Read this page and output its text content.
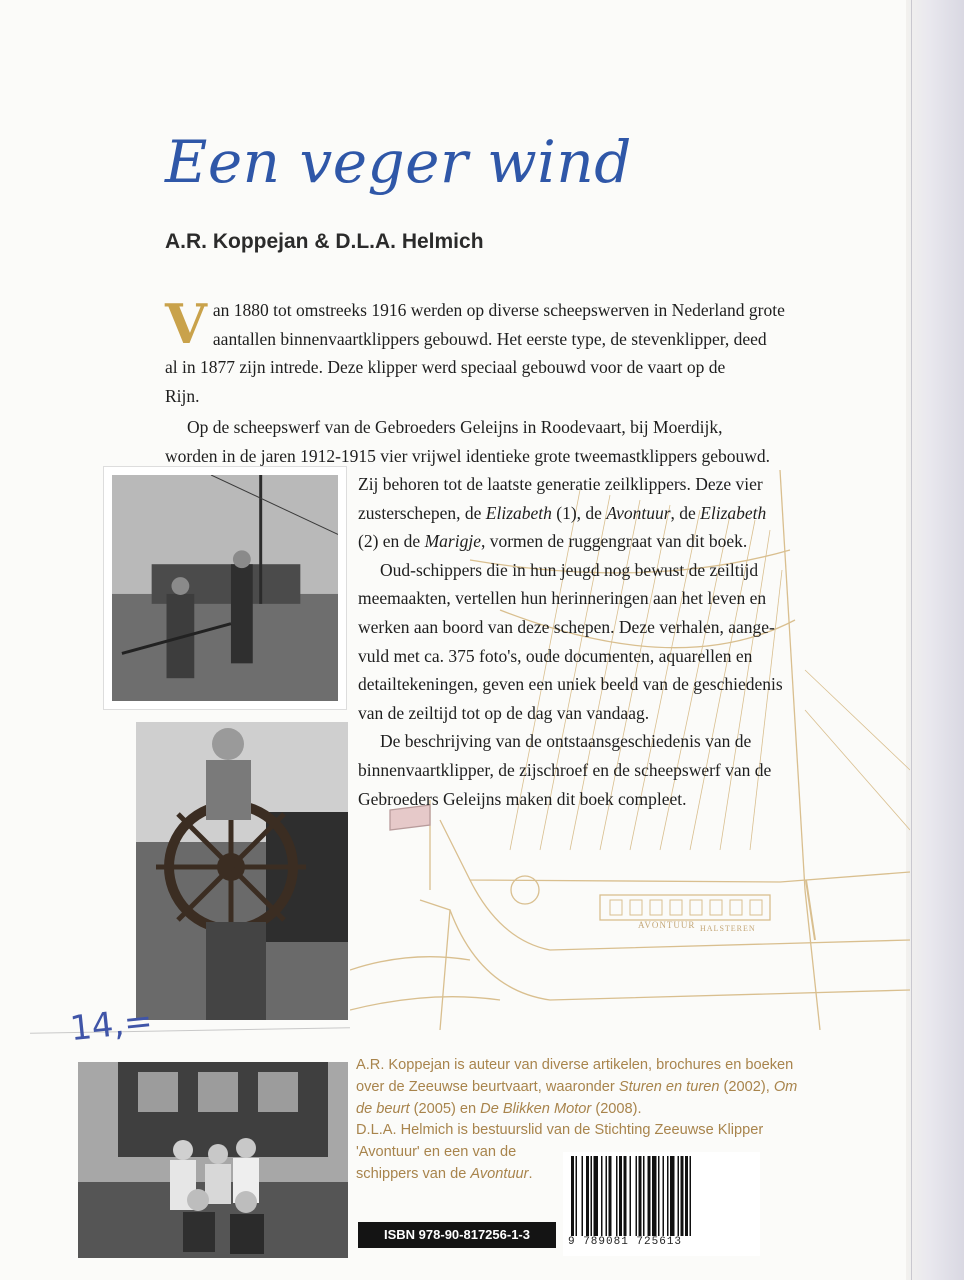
Een veger wind
A.R. Koppejan & D.L.A. Helmich
AVONTUUR HALSTEREN
V an 1880 tot omstreeks 1916 werden op diverse scheepswerven in Nederland grote

aantallen binnenvaartklippers gebouwd. Het eerste type, de stevenklipper, deed

al in 1877 zijn intrede. Deze klipper werd speciaal gebouwd voor de vaart op de

Rijn.

Op de scheepswerf van de Gebroeders Geleijns in Roodevaart, bij Moerdijk,

worden in de jaren 1912-1915 vier vrijwel identieke grote tweemastklippers gebouwd.

Zij behoren tot de laatste generatie zeilklippers. Deze vier

zusterschepen, de Elizabeth (1), de Avontuur, de Elizabeth

(2) en de Marigje, vormen de ruggengraat van dit boek.

Oud-schippers die in hun jeugd nog bewust de zeiltijd

meemaakten, vertellen hun herinneringen aan het leven en

werken aan boord van deze schepen. Deze verhalen, aange-

vuld met ca. 375 foto's, oude documenten, aquarellen en

detailtekeningen, geven een uniek beeld van de geschiedenis

van de zeiltijd tot op de dag van vandaag.

De beschrijving van de ontstaansgeschiedenis van de

binnenvaartklipper, de zijschroef en de scheepswerf van de

Gebroeders Geleijns maken dit boek compleet.

14,=
A.R. Koppejan is auteur van diverse artikelen, brochures en boeken
over de Zeeuwse beurtvaart, waaronder Sturen en turen (2002), Om
de beurt (2005) en De Blikken Motor (2008).
D.L.A. Helmich is bestuurslid van de Stichting Zeeuwse Klipper
'Avontuur' en een van de
schippers van de Avontuur.
ISBN 978-90-817256-1-3	9 789081 725613
